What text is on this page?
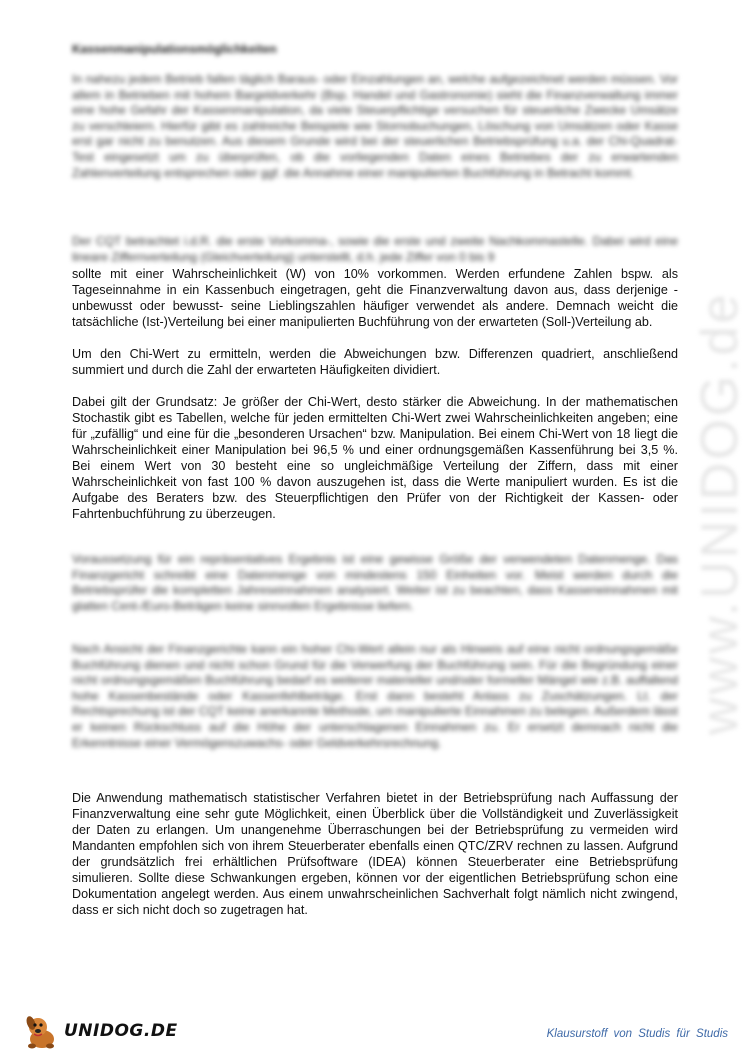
Kassenmanipulationsmöglichkeiten
In nahezu jedem Betrieb fallen täglich Baraus- oder Einzahlungen an, welche aufgezeichnet werden müssen. Vor allem in Betrieben mit hohem Bargeldverkehr (Bsp. Handel und Gastronomie) sieht die Finanzverwaltung immer eine hohe Gefahr der Kassenmanipulation, da viele Steuerpflichtige versuchen für steuerliche Zwecke Umsätze zu verschleiern. Hierfür gibt es zahlreiche Beispiele wie Stornobuchungen, Löschung von Umsätzen oder Kasse erst gar nicht zu benutzen. Aus diesem Grunde wird bei der steuerlichen Betriebsprüfung u.a. der Chi-Quadrat-Test eingesetzt um zu überprüfen, ob die vorliegenden Daten eines Betriebes der zu erwartenden Zahlenverteilung entsprechen oder ggf. die Annahme einer manipulierten Buchführung in Betracht kommt.
Der CQT betrachtet i.d.R. die erste Vorkomma-, sowie die erste und zweite Nachkommastelle. Dabei wird eine lineare Ziffernverteilung (Gleichverteilung) unterstellt, d.h. jede Ziffer von 0 bis 9
sollte mit einer Wahrscheinlichkeit (W) von 10% vorkommen. Werden erfundene Zahlen bspw. als Tageseinnahme in ein Kassenbuch eingetragen, geht die Finanzverwaltung davon aus, dass derjenige -unbewusst oder bewusst- seine Lieblingszahlen häufiger verwendet als andere. Demnach weicht die tatsächliche (Ist-)Verteilung bei einer manipulierten Buchführung von der erwarteten (Soll-)Verteilung ab.
Um den Chi-Wert zu ermitteln, werden die Abweichungen bzw. Differenzen quadriert, anschließend summiert und durch die Zahl der erwarteten Häufigkeiten dividiert.
Dabei gilt der Grundsatz: Je größer der Chi-Wert, desto stärker die Abweichung. In der mathematischen Stochastik gibt es Tabellen, welche für jeden ermittelten Chi-Wert zwei Wahrscheinlichkeiten angeben; eine für „zufällig“ und eine für die „besonderen Ursachen“ bzw. Manipulation. Bei einem Chi-Wert von 18 liegt die Wahrscheinlichkeit einer Manipulation bei 96,5 % und einer ordnungsgemäßen Kassenführung bei 3,5 %. Bei einem Wert von 30 besteht eine so ungleichmäßige Verteilung der Ziffern, dass mit einer Wahrscheinlichkeit von fast 100 % davon auszugehen ist, dass die Werte manipuliert wurden. Es ist die Aufgabe des Beraters bzw. des Steuerpflichtigen den Prüfer von der Richtigkeit der Kassen- oder Fahrtenbuchführung zu überzeugen.
Voraussetzung für ein repräsentatives Ergebnis ist eine gewisse Größe der verwendeten Datenmenge. Das Finanzgericht schreibt eine Datenmenge von mindestens 150 Einheiten vor. Meist werden durch die Betriebsprüfer die kompletten Jahreseinnahmen analysiert. Weiter ist zu beachten, dass Kasseneinnahmen mit glatten Cent-/Euro-Beträgen keine sinnvollen Ergebnisse liefern.
Nach Ansicht der Finanzgerichte kann ein hoher Chi-Wert allein nur als Hinweis auf eine nicht ordnungsgemäße Buchführung dienen und nicht schon Grund für die Verwerfung der Buchführung sein. Für die Begründung einer nicht ordnungsgemäßen Buchführung bedarf es weiterer materieller und/oder formeller Mängel wie z.B. auffallend hohe Kassenbestände oder Kassenfehlbeträge. Erst dann besteht Anlass zu Zuschätzungen. Lt. der Rechtsprechung ist der CQT keine anerkannte Methode, um manipulierte Einnahmen zu belegen. Außerdem lässt er keinen Rückschluss auf die Höhe der unterschlagenen Einnahmen zu. Er ersetzt demnach nicht die Erkenntnisse einer Vermögenszuwachs- oder Geldverkehrsrechnung.
Die Anwendung mathematisch statistischer Verfahren bietet in der Betriebsprüfung nach Auffassung der Finanzverwaltung eine sehr gute Möglichkeit, einen Überblick über die Vollständigkeit und Zuverlässigkeit der Daten zu erlangen. Um unangenehme Überraschungen bei der Betriebsprüfung zu vermeiden wird Mandanten empfohlen sich von ihrem Steuerberater ebenfalls einen QTC/ZRV rechnen zu lassen. Aufgrund der grundsätzlich frei erhältlichen Prüfsoftware (IDEA) können Steuerberater eine Betriebsprüfung simulieren. Sollte diese Schwankungen ergeben, können vor der eigentlichen Betriebsprüfung schon eine Dokumentation angelegt werden. Aus einem unwahrscheinlichen Sachverhalt folgt nämlich nicht zwingend, dass er sich nicht doch so zugetragen hat.
www.UNIDOG.de
UNIDOG.DE	Klausurstoff von Studis für Studis
